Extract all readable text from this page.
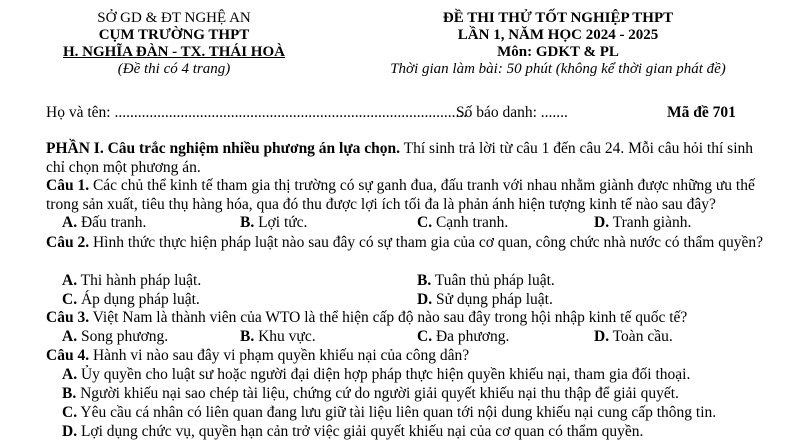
SỞ GD & ĐT NGHỆ AN
CỤM TRƯỜNG THPT
H. NGHĨA ĐÀN - TX. THÁI HOÀ
(Đề thi có 4 trang)
ĐỀ THI THỬ TỐT NGHIỆP THPT
LẦN 1, NĂM HỌC 2024 - 2025
Môn: GDKT & PL
Thời gian làm bài: 50 phút (không kể thời gian phát đề)
Họ và tên: ...........................................................................................
Số báo danh: .......	Mã đề 701
PHẦN I. Câu trắc nghiệm nhiều phương án lựa chọn. Thí sinh trả lời từ câu 1 đến câu 24. Mỗi câu hỏi thí sinh chỉ chọn một phương án.
Câu 1. Các chủ thể kinh tế tham gia thị trường có sự ganh đua, đấu tranh với nhau nhằm giành được những ưu thế trong sản xuất, tiêu thụ hàng hóa, qua đó thu được lợi ích tối đa là phản ánh hiện tượng kinh tế nào sau đây?
A. Đấu tranh.	B. Lợi tức.	C. Cạnh tranh.	D. Tranh giành.
Câu 2. Hình thức thực hiện pháp luật nào sau đây có sự tham gia của cơ quan, công chức nhà nước có thẩm quyền?
A. Thi hành pháp luật.	B. Tuân thủ pháp luật.
C. Áp dụng pháp luật.	D. Sử dụng pháp luật.
Câu 3. Việt Nam là thành viên của WTO là thể hiện cấp độ nào sau đây trong hội nhập kinh tế quốc tế?
A. Song phương.	B. Khu vực.	C. Đa phương.	D. Toàn cầu.
Câu 4. Hành vi nào sau đây vi phạm quyền khiếu nại của công dân?
A. Ủy quyền cho luật sư hoặc người đại diện hợp pháp thực hiện quyền khiếu nại, tham gia đối thoại.
B. Người khiếu nại sao chép tài liệu, chứng cứ do người giải quyết khiếu nại thu thập để giải quyết.
C. Yêu cầu cá nhân có liên quan đang lưu giữ tài liệu liên quan tới nội dung khiếu nại cung cấp thông tin.
D. Lợi dụng chức vụ, quyền hạn cản trở việc giải quyết khiếu nại của cơ quan có thẩm quyền.
